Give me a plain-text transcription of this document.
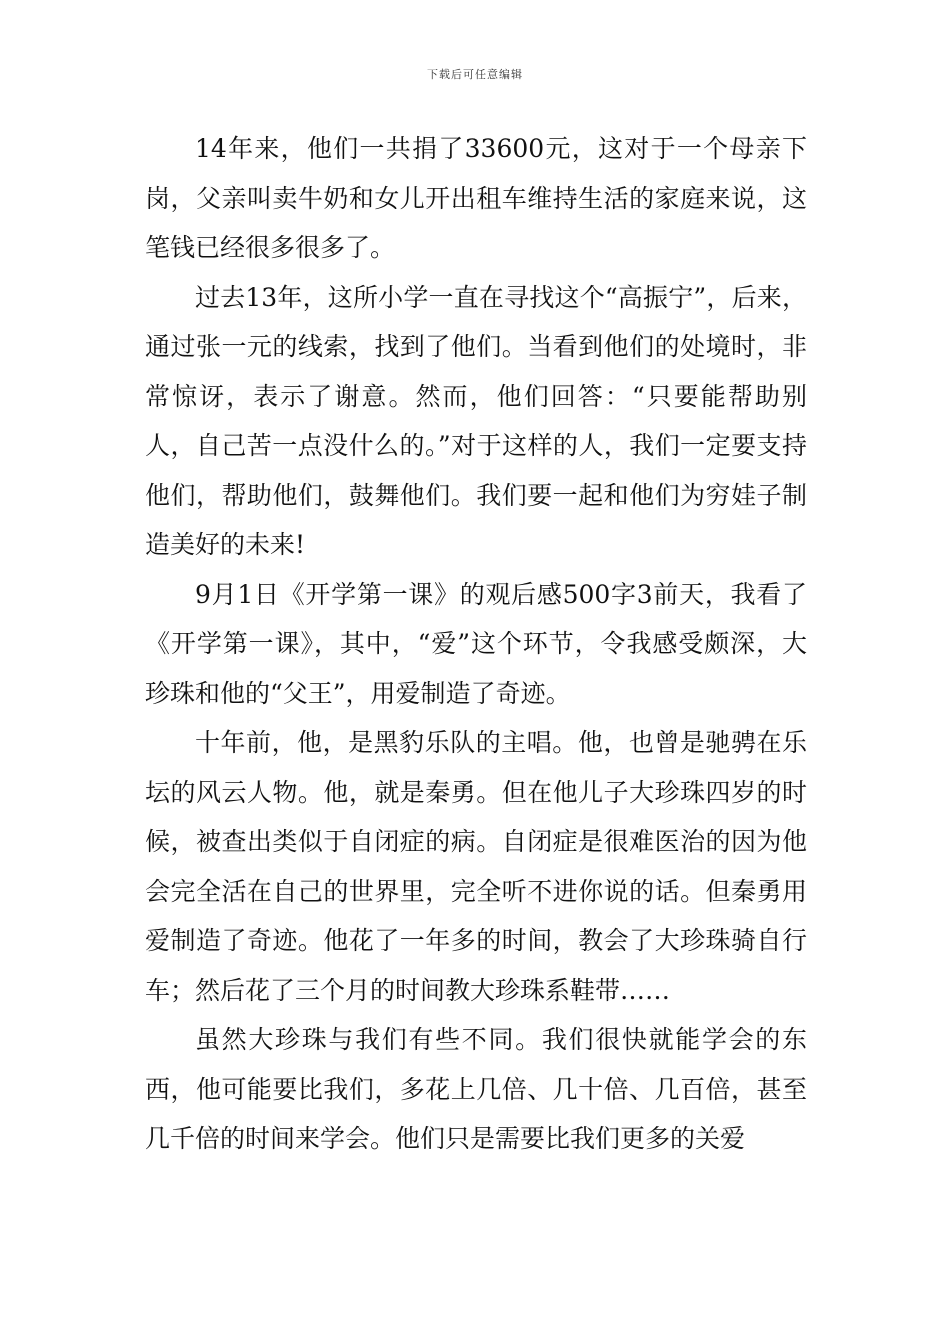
下载后可任意编辑

14年来，他们一共捐了33600元，这对于一个母亲下岗，父亲叫卖牛奶和女儿开出租车维持生活的家庭来说，这笔钱已经很多很多了。

过去13年，这所小学一直在寻找这个“高振宁”，后来，通过张一元的线索，找到了他们。当看到他们的处境时，非常惊讶，表示了谢意。然而，他们回答：“只要能帮助别人，自己苦一点没什么的。”对于这样的人，我们一定要支持他们，帮助他们，鼓舞他们。我们要一起和他们为穷娃子制造美好的未来!

9月1日《开学第一课》的观后感500字3前天，我看了《开学第一课》，其中，“爱”这个环节，令我感受颇深，大珍珠和他的“父王”，用爱制造了奇迹。

十年前，他，是黑豹乐队的主唱。他，也曾是驰骋在乐坛的风云人物。他，就是秦勇。但在他儿子大珍珠四岁的时候，被查出类似于自闭症的病。自闭症是很难医治的因为他会完全活在自己的世界里，完全听不进你说的话。但秦勇用爱制造了奇迹。他花了一年多的时间，教会了大珍珠骑自行车；然后花了三个月的时间教大珍珠系鞋带……

虽然大珍珠与我们有些不同。我们很快就能学会的东西，他可能要比我们，多花上几倍、几十倍、几百倍，甚至几千倍的时间来学会。他们只是需要比我们更多的关爱
